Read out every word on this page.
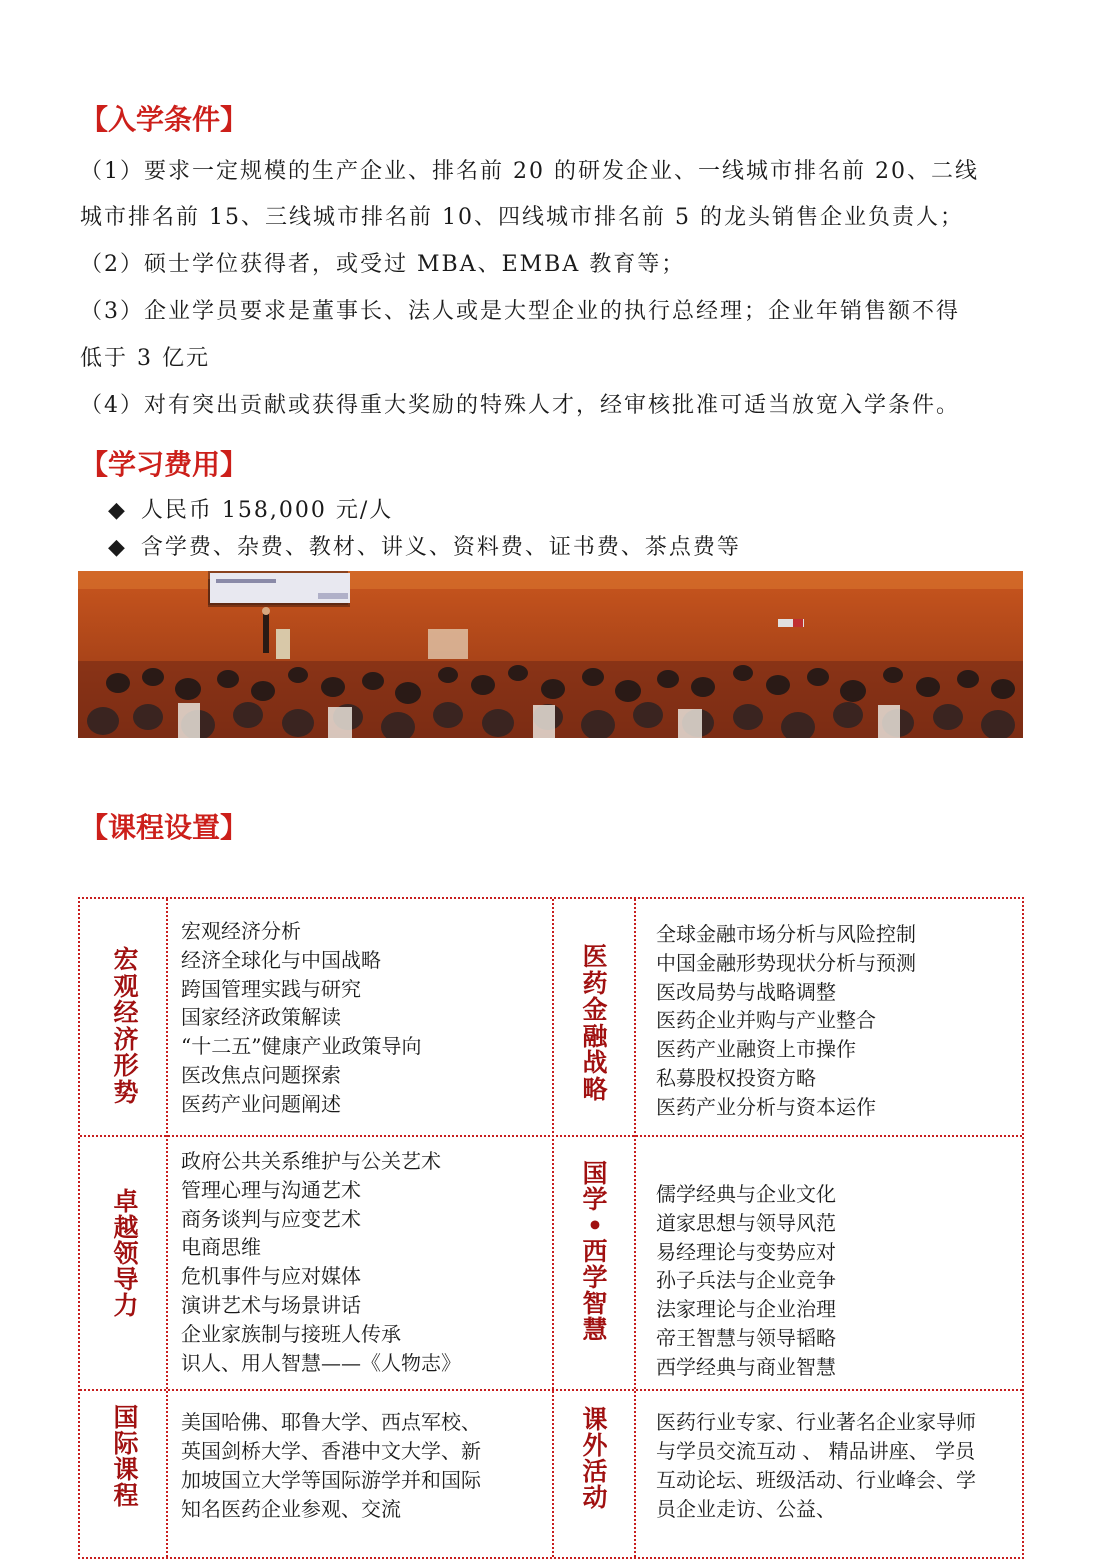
【入学条件】

（1）要求一定规模的生产企业、排名前 20 的研发企业、一线城市排名前 20、二线

城市排名前 15、三线城市排名前 10、四线城市排名前 5 的龙头销售企业负责人；

（2）硕士学位获得者，或受过 MBA、EMBA 教育等；

（3）企业学员要求是董事长、法人或是大型企业的执行总经理；企业年销售额不得

低于 3 亿元

（4）对有突出贡献或获得重大奖励的特殊人才，经审核批准可适当放宽入学条件。

【学习费用】

◆ 人民币 158,000 元/人

◆ 含学费、杂费、教材、讲义、资料费、证书费、茶点费等

【课程设置】
宏观经济形势
宏观经济分析
经济全球化与中国战略
跨国管理实践与研究
国家经济政策解读
“十二五”健康产业政策导向
医改焦点问题探索
医药产业问题阐述
医药金融战略
全球金融市场分析与风险控制
中国金融形势现状分析与预测
医改局势与战略调整
医药企业并购与产业整合
医药产业融资上市操作
私募股权投资方略
医药产业分析与资本运作
卓越领导力
政府公共关系维护与公关艺术
管理心理与沟通艺术
商务谈判与应变艺术
电商思维
危机事件与应对媒体
演讲艺术与场景讲话
企业家族制与接班人传承
识人、用人智慧——《人物志》
国学•西学智慧
儒学经典与企业文化
道家思想与领导风范
易经理论与变势应对
孙子兵法与企业竞争
法家理论与企业治理
帝王智慧与领导韬略
西学经典与商业智慧
国际课程

美国哈佛、耶鲁大学、西点军校、英国剑桥大学、香港中文大学、新加坡国立大学等国际游学并和国际知名医药企业参观、交流

课外活动

医药行业专家、行业著名企业家导师与学员交流互动 、 精品讲座、 学员互动论坛、班级活动、行业峰会、学员企业走访、公益、
